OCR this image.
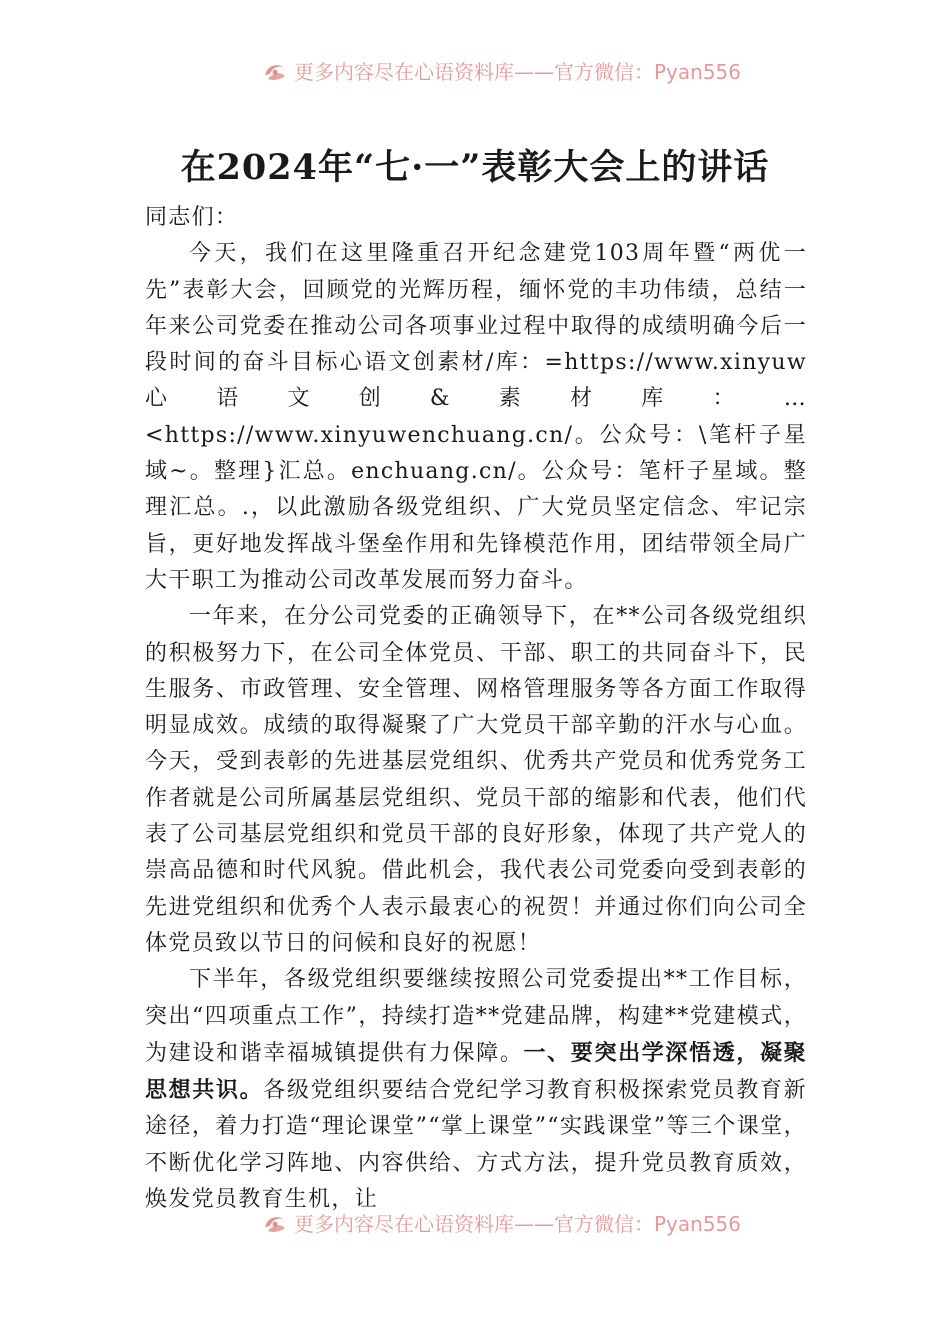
更多内容尽在心语资料库——官方微信：Pyan556
在2024年“七·一”表彰大会上的讲话

同志们：

今天，我们在这里隆重召开纪念建党103周年暨“两优一先”表彰大会，回顾党的光辉历程，缅怀党的丰功伟绩，总结一年来公司党委在推动公司各项事业过程中取得的成绩明确今后一段时间的奋斗目标心语文创素材/库：=https://www.xinyuw 心语文创&素材库：…<https://www.xinyuwenchuang.cn/。公众号：\笔杆子星域~。整理}汇总。enchuang.cn/。公众号：笔杆子星域。整理汇总。.，以此激励各级党组织、广大党员坚定信念、牢记宗旨，更好地发挥战斗堡垒作用和先锋模范作用，团结带领全局广大干职工为推动公司改革发展而努力奋斗。

一年来，在分公司党委的正确领导下，在**公司各级党组织的积极努力下，在公司全体党员、干部、职工的共同奋斗下，民生服务、市政管理、安全管理、网格管理服务等各方面工作取得明显成效。成绩的取得凝聚了广大党员干部辛勤的汗水与心血。今天，受到表彰的先进基层党组织、优秀共产党员和优秀党务工作者就是公司所属基层党组织、党员干部的缩影和代表，他们代表了公司基层党组织和党员干部的良好形象，体现了共产党人的崇高品德和时代风貌。借此机会，我代表公司党委向受到表彰的先进党组织和优秀个人表示最衷心的祝贺！并通过你们向公司全体党员致以节日的问候和良好的祝愿！

下半年，各级党组织要继续按照公司党委提出**工作目标，突出“四项重点工作”，持续打造**党建品牌，构建**党建模式，为建设和谐幸福城镇提供有力保障。一、要突出学深悟透，凝聚思想共识。各级党组织要结合党纪学习教育积极探索党员教育新途径，着力打造“理论课堂”“掌上课堂”“实践课堂”等三个课堂，不断优化学习阵地、内容供给、方式方法，提升党员教育质效，焕发党员教育生机，让

更多内容尽在心语资料库——官方微信：Pyan556
